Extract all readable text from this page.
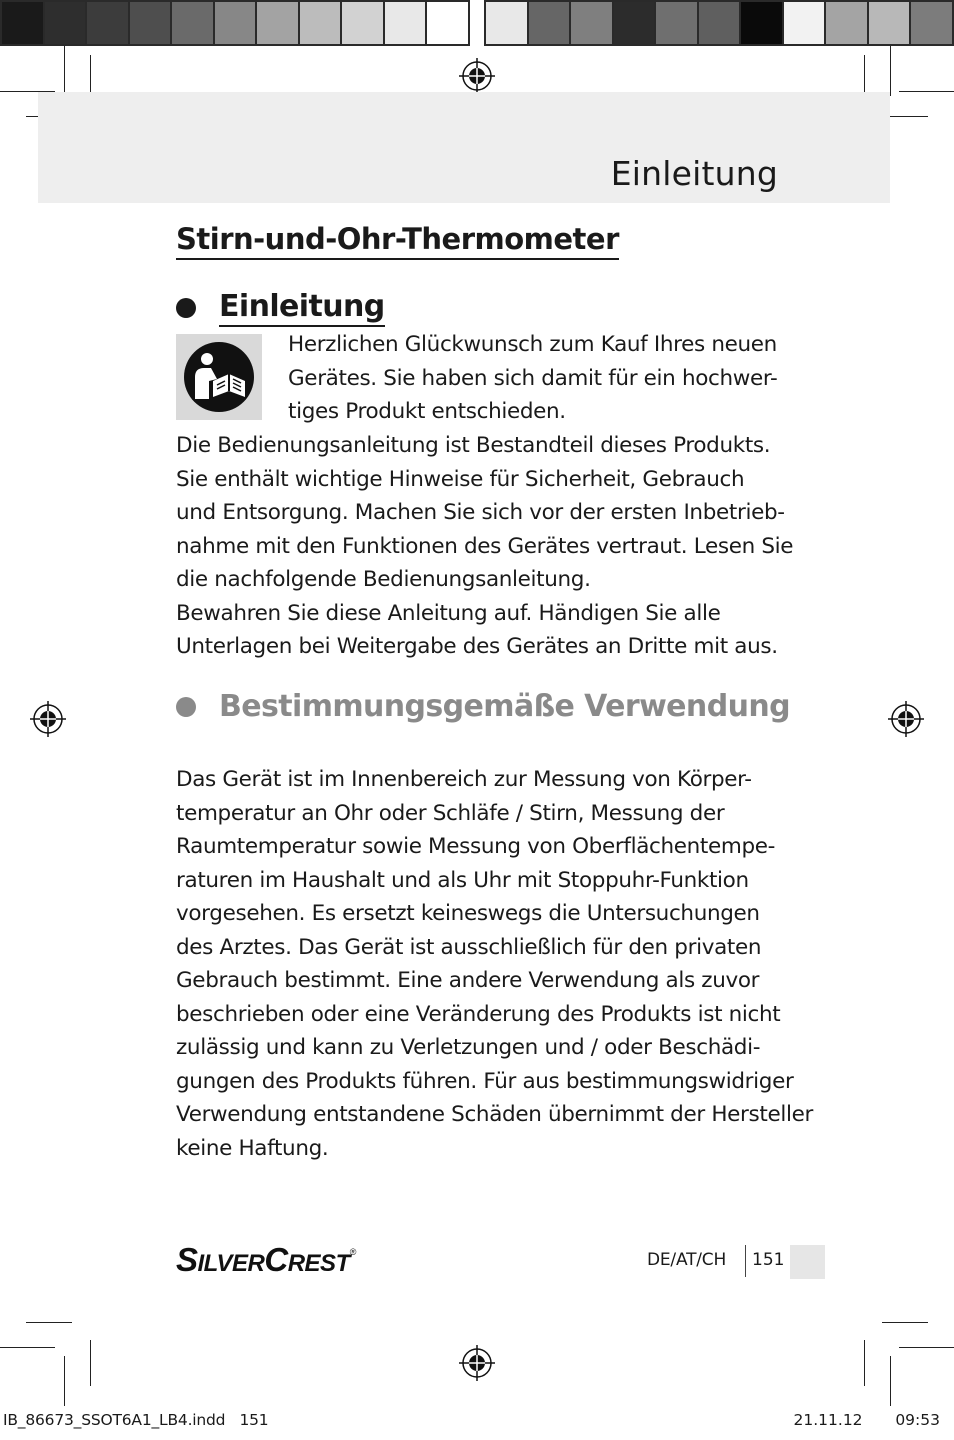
Einleitung
Stirn-und-Ohr-Thermometer
Einleitung
Herzlichen Glückwunsch zum Kauf Ihres neuen
Gerätes. Sie haben sich damit für ein hochwer-
tiges Produkt entschieden.
Die Bedienungsanleitung ist Bestandteil dieses Produkts.
Sie enthält wichtige Hinweise für Sicherheit, Gebrauch
und Entsorgung. Machen Sie sich vor der ersten Inbetrieb-
nahme mit den Funktionen des Gerätes vertraut. Lesen Sie
die nachfolgende Bedienungsanleitung.
Bewahren Sie diese Anleitung auf. Händigen Sie alle
Unterlagen bei Weitergabe des Gerätes an Dritte mit aus.
Bestimmungsgemäße Verwendung
Das Gerät ist im Innenbereich zur Messung von Körper-
temperatur an Ohr oder Schläfe / Stirn, Messung der
Raumtemperatur sowie Messung von Oberflächentempe-
raturen im Haushalt und als Uhr mit Stoppuhr-Funktion
vorgesehen. Es ersetzt keineswegs die Untersuchungen
des Arztes. Das Gerät ist ausschließlich für den privaten
Gebrauch bestimmt. Eine andere Verwendung als zuvor
beschrieben oder eine Veränderung des Produkts ist nicht
zulässig und kann zu Verletzungen und / oder Beschädi-
gungen des Produkts führen. Für aus bestimmungswidriger
Verwendung entstandene Schäden übernimmt der Hersteller
keine Haftung.
SILVERCREST®	DE/AT/CH 151
IB_86673_SSOT6A1_LB4.indd   151	21.11.12   09:53
